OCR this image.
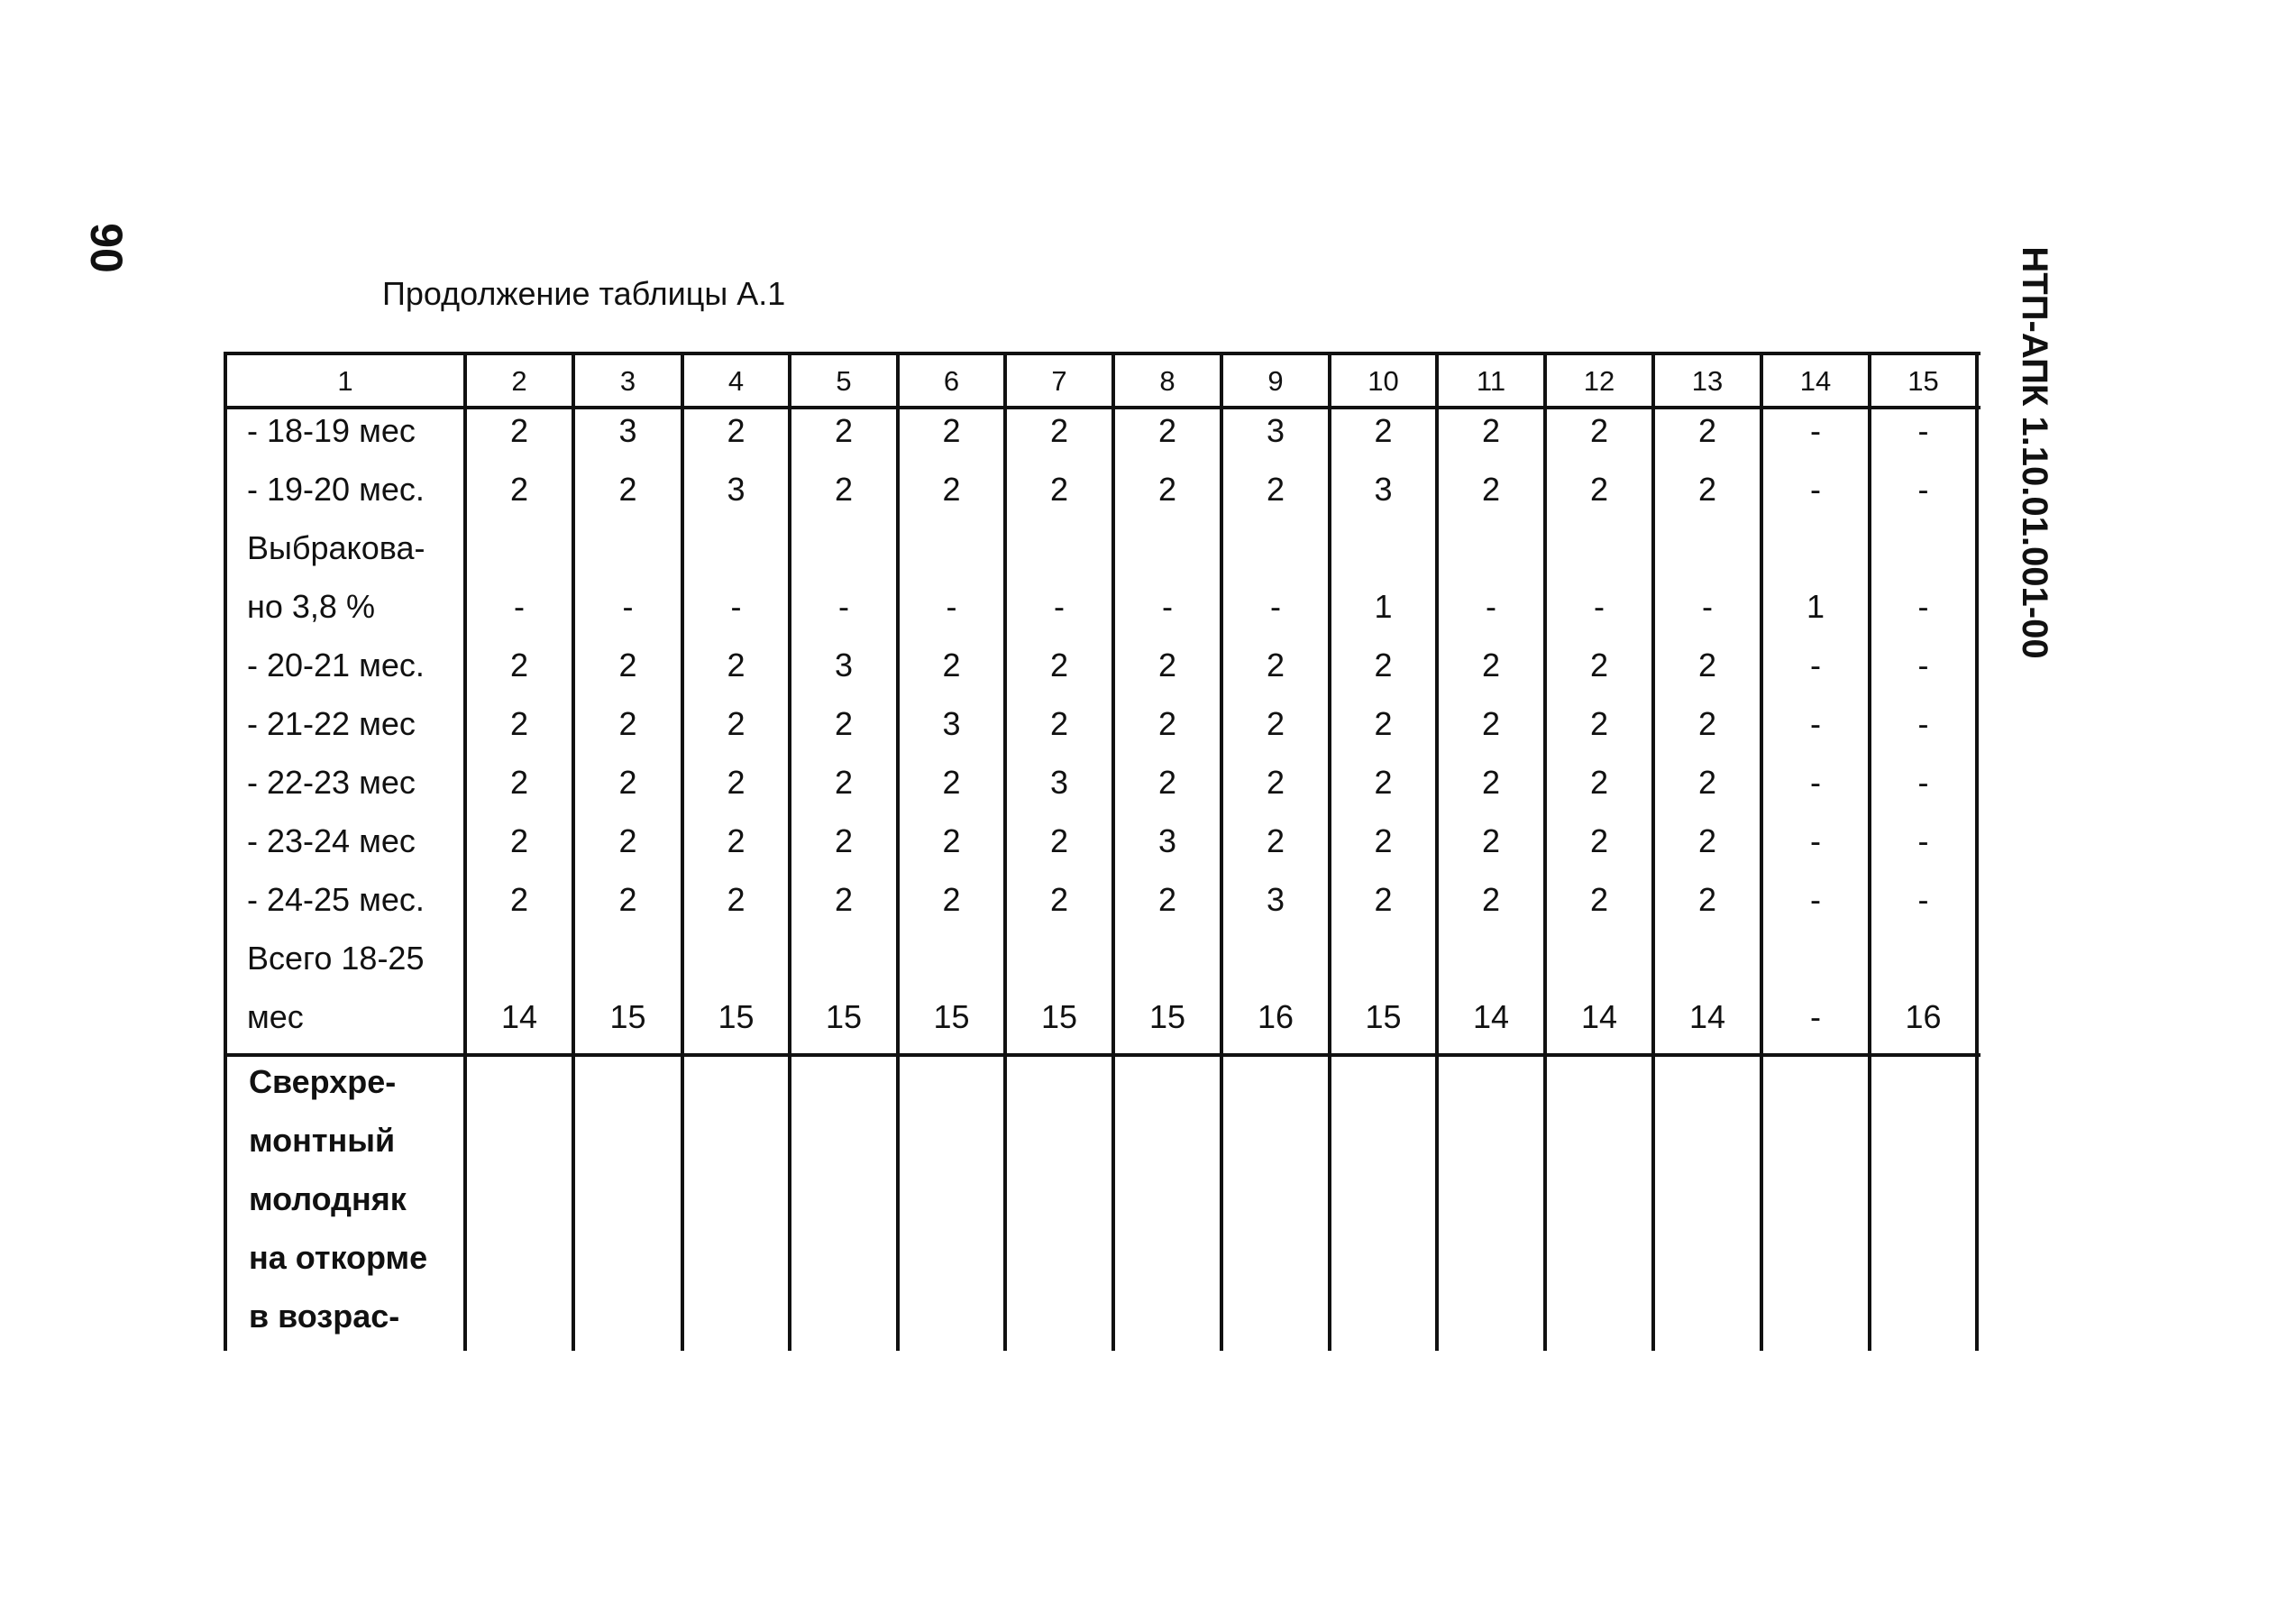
90	НТП-АПК 1.10.01.001-00
Продолжение таблицы А.1
1	2	3	4	5	6	7	8	9	10	11	12	13	14	15
- 18-19 мес	2	3	2	2	2	2	2	3	2	2	2	2	-	-
- 19-20 мес.	2	2	3	2	2	2	2	2	3	2	2	2	-	-
Выбракова-
но 3,8 %	-	-	-	-	-	-	-	-	1	-	-	-	1	-
- 20-21 мес.	2	2	2	3	2	2	2	2	2	2	2	2	-	-
- 21-22 мес	2	2	2	2	3	2	2	2	2	2	2	2	-	-
- 22-23 мес	2	2	2	2	2	3	2	2	2	2	2	2	-	-
- 23-24 мес	2	2	2	2	2	2	3	2	2	2	2	2	-	-
- 24-25 мес.	2	2	2	2	2	2	2	3	2	2	2	2	-	-
Всего 18-25
мес	14	15	15	15	15	15	15	16	15	14	14	14	-	16
Сверхре-
монтный
молодняк
на откорме
в возрас-
